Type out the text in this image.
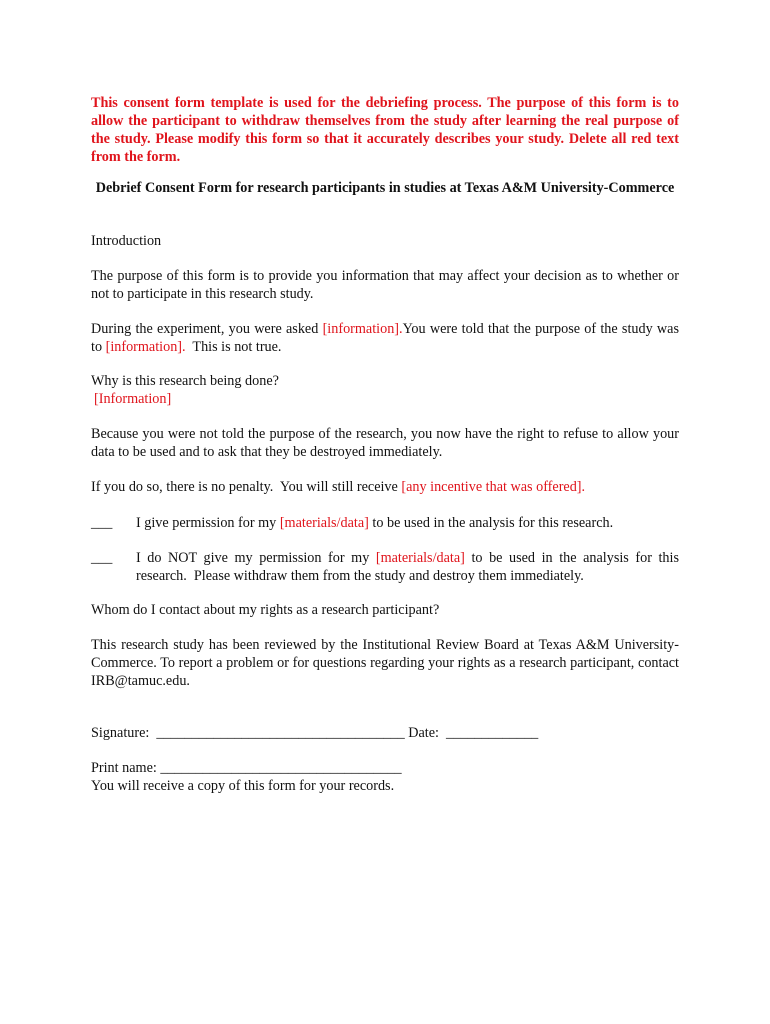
This consent form template is used for the debriefing process. The purpose of this form is to allow the participant to withdraw themselves from the study after learning the real purpose of the study. Please modify this form so that it accurately describes your study. Delete all red text from the form.
Debrief Consent Form for research participants in studies at Texas A&M University-Commerce
Introduction
The purpose of this form is to provide you information that may affect your decision as to whether or not to participate in this research study.
During the experiment, you were asked [information].You were told that the purpose of the study was to [information].  This is not true.
Why is this research being done?
[Information]
Because you were not told the purpose of the research, you now have the right to refuse to allow your data to be used and to ask that they be destroyed immediately.
If you do so, there is no penalty.  You will still receive [any incentive that was offered].
___ I give permission for my [materials/data] to be used in the analysis for this research.
___ I do NOT give my permission for my [materials/data] to be used in the analysis for this research.  Please withdraw them from the study and destroy them immediately.
Whom do I contact about my rights as a research participant?
This research study has been reviewed by the Institutional Review Board at Texas A&M University-Commerce. To report a problem or for questions regarding your rights as a research participant, contact IRB@tamuc.edu.
Signature:  ___________________________________ Date:  _____________
Print name: __________________________________
You will receive a copy of this form for your records.
